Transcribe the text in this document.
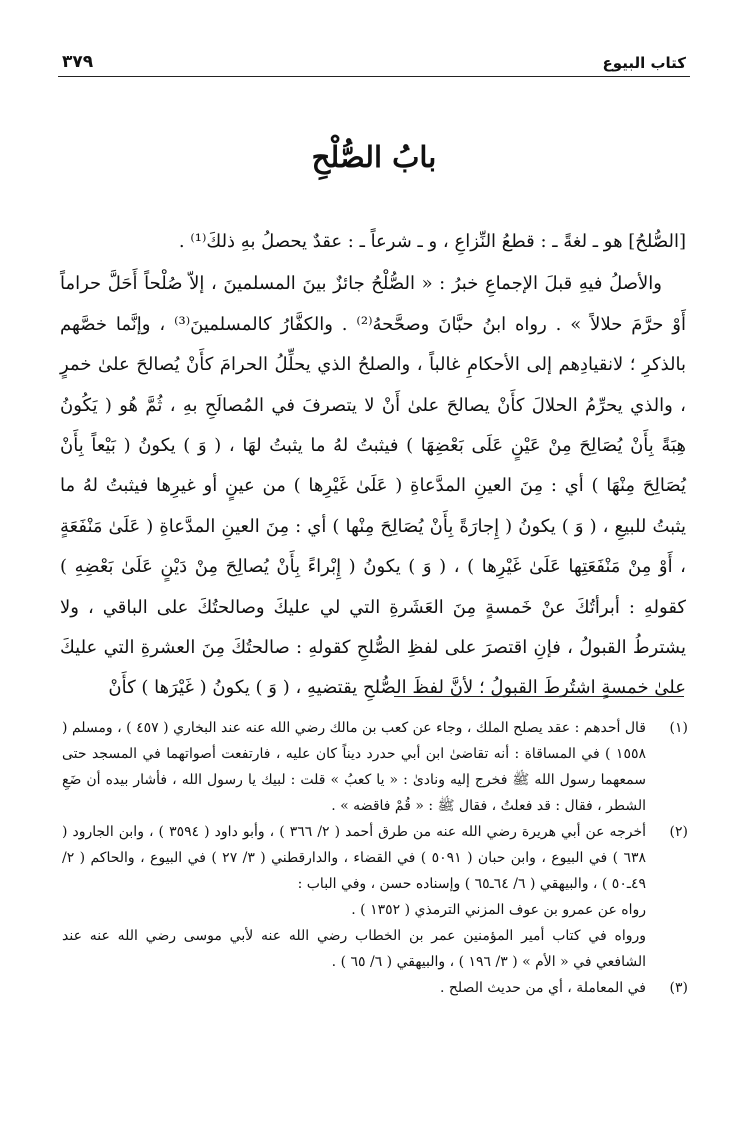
كتاب البيوع
٣٧٩
بابُ الصُّلْحِ

[الصُّلحُ] هو ـ لغةً ـ : قطعُ النِّزاعِ ، و ـ شرعاً ـ : عقدٌ يحصلُ بهِ ذلكَ⁽¹⁾ .

والأصلُ فيهِ قبلَ الإجماعِ خبرُ : « الصُّلْحُ جائزٌ بينَ المسلمينَ ، إلاّ صُلْحاً أَحَلَّ حراماً أَوْ حرَّمَ حلالاً » . رواه ابنُ حبَّانَ وصحَّحهُ⁽²⁾ . والكفَّارُ كالمسلمينَ⁽³⁾ ، وإنَّما خصَّهم بالذكرِ ؛ لانقيادِهم إلى الأحكامِ غالباً ، والصلحُ الذي يحلِّلُ الحرامَ كأَنْ يُصالحَ علىٰ خمرٍ ، والذي يحرِّمُ الحلالَ كأَنْ يصالحَ علىٰ أَنْ لا يتصرفَ في المُصالَحِ بهِ ، ثُمَّ هُو ( يَكُونُ هِبَةً بِأَنْ يُصَالِحَ مِنْ عَيْنٍ عَلَى بَعْضِهَا ) فيثبتُ لهُ ما يثبتُ لهَا ، ( وَ ) يكونُ ( بَيْعاً بِأَنْ يُصَالِحَ مِنْهَا ) أي : مِنَ العينِ المدَّعاةِ ( عَلَىٰ غَيْرِها ) من عينٍ أو غيرِها فيثبتُ لهُ ما يثبتُ للبيعِ ، ( وَ ) يكونُ ( إِجارَةً بِأَنْ يُصَالِحَ مِنْها ) أي : مِنَ العينِ المدَّعاةِ ( عَلَىٰ مَنْفَعَةٍ ، أَوْ مِنْ مَنْفَعَتِها عَلَىٰ غَيْرِها ) ، ( وَ ) يكونُ ( إِبْراءً بِأَنْ يُصالِحَ مِنْ دَيْنٍ عَلَىٰ بَعْضِهِ ) كقولهِ : أبرأتُكَ عنْ خَمسةٍ مِنَ العَشَرةِ التي لي عليكَ وصالحتُكَ على الباقي ، ولا يشترطُ القبولُ ، فإنِ اقتصرَ على لفظِ الصُّلحِ كقولهِ : صالحتُكَ مِنَ العشرةِ التي عليكَ علىٰ خمسةٍ اشتُرطَ القبولُ ؛ لأنَّ لفظَ الصُّلحِ يقتضيهِ ، ( وَ ) يكونُ ( غَيْرَها ) كأَنْ

(١)
قال أحدهم : عقد يصلح الملك ، وجاء عن كعب بن مالك رضي الله عنه عند البخاري ( ٤٥٧ ) ، ومسلم ( ١٥٥٨ ) في المساقاة : أنه تقاضىٰ ابن أبي حدرد ديناً كان عليه ، فارتفعت أصواتهما في المسجد حتى سمعهما رسول الله ﷺ فخرج إليه ونادىٰ : « يا كعبُ » قلت : لبيك يا رسول الله ، فأشار بيده أن ضَعِ الشطر ، فقال : قد فعلتُ ، فقال ﷺ : « قُمْ فاقضه » .
(٢)
أخرجه عن أبي هريرة رضي الله عنه من طرق أحمد ( ٢/ ٣٦٦ ) ، وأبو داود ( ٣٥٩٤ ) ، وابن الجارود ( ٦٣٨ ) في البيوع ، وابن حبان ( ٥٠٩١ ) في القضاء ، والدارقطني ( ٣/ ٢٧ ) في البيوع ، والحاكم ( ٢/ ٤٩ـ٥٠ ) ، والبيهقي ( ٦/ ٦٤ـ٦٥ ) وإسناده حسن ، وفي الباب :
رواه عن عمرو بن عوف المزني الترمذي ( ١٣٥٢ ) .
ورواه في كتاب أمير المؤمنين عمر بن الخطاب رضي الله عنه لأبي موسى رضي الله عنه عند الشافعي في « الأم » ( ٣/ ١٩٦ ) ، والبيهقي ( ٦/ ٦٥ ) .
(٣)
في المعاملة ، أي من حديث الصلح .
